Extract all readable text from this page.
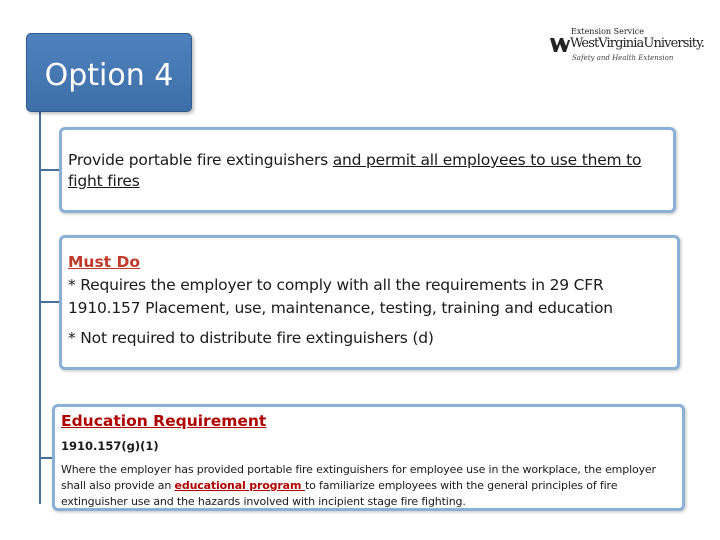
Extension Service
WestVirginiaUniversity.
Safety and Health Extension
Option 4
Provide portable fire extinguishers and permit all employees to use them to fight fires
Must Do
* Requires the employer to comply with all the requirements in 29 CFR 1910.157 Placement, use, maintenance, testing, training and education
* Not required to distribute fire extinguishers (d)
Education Requirement
1910.157(g)(1)
Where the employer has provided portable fire extinguishers for employee use in the workplace, the employer shall also provide an educational program to familiarize employees with the general principles of fire extinguisher use and the hazards involved with incipient stage fire fighting.
